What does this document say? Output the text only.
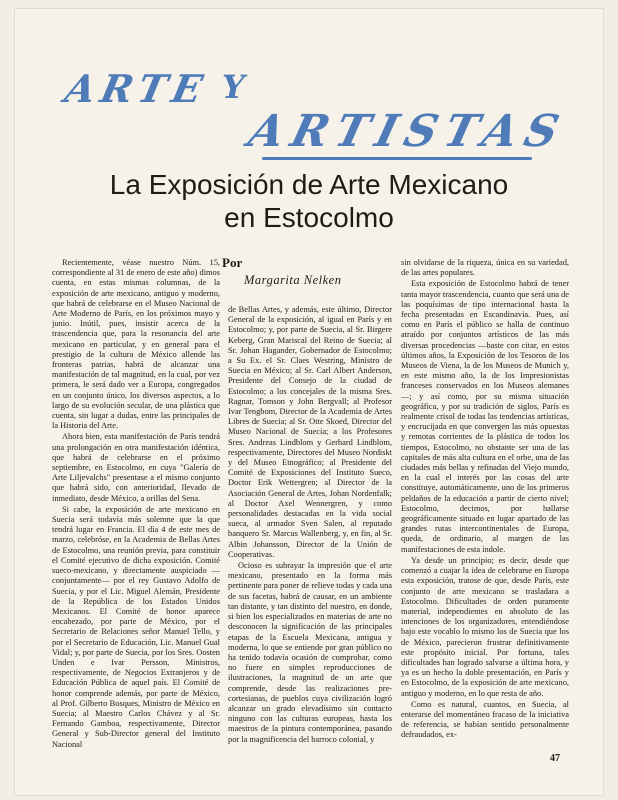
ARTE Y
ARTISTAS
La Exposición de Arte Mexicano
en Estocolmo
Por
Margarita Nelken

Recientemente, véase nuestro Núm. 15, correspondiente al 31 de enero de este año) dimos cuenta, en estas mismas columnas, de la exposición de arte mexicano, antiguo y moderno, que habrá de celebrarse en el Museo Nacional de Arte Moderno de París, en los próximos mayo y junio. Inútil, pues, insistir acerca de la trascendencia que, para la resonancia del arte mexicano en particular, y en general para el prestigio de la cultura de México allende las fronteras patrias, habrá de alcanzar una manifestación de tal magnitud, en la cual, por vez primera, le será dado ver a Europa, congregados en un conjunto único, los diversos aspectos, a lo largo de su evolución secular, de una plástica que cuenta, sin lugar a dudas, entre las principales de la Historia del Arte.

Ahora bien, esta manifestación de París tendrá una prolongación en otra manifestación idéntica, que habrá de celebrarse en el próximo septiembre, en Estocolmo, en cuya "Galería de Arte Liljevalchs" presentase a el mismo conjunto que habrá sido, con anterioridad, llevado de inmediato, desde México, a orillas del Sena.

Si cabe, la exposición de arte mexicano en Suecia será todavía más solemne que la que tendrá lugar en Francia. El día 4 de este mes de marzo, celebróse, en la Academia de Bellas Artes de Estocolmo, una reunión previa, para constituir el Comité ejecutivo de dicha exposición. Comité sueco-mexicano, y directamente auspiciado —conjuntamente— por el rey Gustavo Adolfo de Suecia, y por el Lic. Miguel Alemán, Presidente de la República de los Estados Unidos Mexicanos. El Comité de honor aparece encabezado, por parte de México, por el Secretario de Relaciones señor Manuel Tello, y por el Secretario de Educación, Lic. Manuel Gual Vidal; y, por parte de Suecia, por los Sres. Oosten Unden e Ivar Persson, Ministros, respectivamente, de Negocios Extranjeros y de Educación Pública de aquel país. El Comité de honor comprende además, por parte de México, al Prof. Gilberto Bosques, Ministro de México en Suecia; al Maestro Carlos Chávez y al Sr. Fernando Gamboa, respectivamente, Director General y Sub-Director general del Instituto Nacional

de Bellas Artes, y además, este último, Director General de la exposición, al igual en París y en Estocolmo; y, por parte de Suecia, al Sr. Birgere Keberg, Gran Mariscal del Reino de Suecia; al Sr. Johan Hagander, Gobernador de Estocolmo; a Su Ex. el Sr. Claes Westring, Ministro de Suecia en México; al Sr. Carl Albert Anderson, Presidente del Consejo de la ciudad de Estocolmo; a los concejales de la misma Sres. Ragnar, Tomson y John Bergvall; al Profesor Ivar Tengbom, Director de la Academia de Artes Libres de Suecia; al Sr. Otte Skoed, Director del Museo Nacional de Suecia; a los Profesores Sres. Andreas Lindblom y Gerhard Lindblom, respectivamente, Directores del Museo Nordiskt y del Museo Etnográfico; al Presidente del Comité de Exposiciones del Instituto Sueco, Doctor Erik Wettergren; al Director de la Asociación General de Artes, Johan Nordenfalk; al Doctor Axel Wennergren, y como personalidades destacadas en la vida social sueca, al armador Sven Salen, al reputado banquero Sr. Marcus Wallenberg, y, en fin, al Sr. Albin Johansson, Director de la Unión de Cooperativas.

Ocioso es subrayar la impresión que el arte mexicano, presentado en la forma más pertinente para poner de relieve todas y cada una de sus facetas, habrá de causar, en un ambiente tan distante, y tan distinto del nuestro, en donde, si bien los especializados en materias de arte no desconocen la significación de las principales etapas de la Escuela Mexicana, antigua y moderna, lo que se entiende por gran público no ha tenido todavía ocasión de comprobar, como no fuere en simples reproducciones de ilustraciones, la magnitud de un arte que comprende, desde las realizaciones pre-cortesianas, de pueblos cuya civilización logró alcanzar un grado elevadísimo sin contacto ninguno con las culturas europeas, hasta los maestros de la pintura contemporánea, pasando por la magnificencia del barroco colonial, y

sin olvidarse de la riqueza, única en su variedad, de las artes populares.

Esta exposición de Estocolmo habrá de tener tanta mayor trascendencia, cuanto que será una de las poquísimas de tipo internacional hasta la fecha presentadas en Escandinavia. Pues, así como en París el público se halla de continuo atraído por conjuntos artísticos de las más diversas procedencias —baste con citar, en estos últimos años, la Exposición de los Tesoros de los Museos de Viena, la de los Museos de Munich y, en este mismo año, la de los Impresionistas franceses conservados en los Museos alemanes—; y así como, por su misma situación geográfica, y por su tradición de siglos, París es realmente crisol de todas las tendencias artísticas, y encrucijada en que convergen las más opuestas y remotas corrientes de la plástica de todos los tiempos, Estocolmo, no obstante ser una de las capitales de más alta cultura en el orbe, una de las ciudades más bellas y refinadas del Viejo mundo, en la cual el interés por las cosas del arte constituye, automáticamente, uno de los primeros peldaños de la educación a partir de cierto nivel; Estocolmo, decimos, por hallarse geográficamente situado en lugar apartado de las grandes rutas intercontinentales de Europa, queda, de ordinario, al margen de las manifestaciones de esta índole.

Ya desde un principio; es decir, desde que comenzó a cuajar la idea de celebrarse en Europa esta exposición, tratose de que, desde París, este conjunto de arte mexicano se trasladara a Estocolmo. Dificultades de orden puramente material, independientes en absoluto de las intenciones de los organizadores, entendiéndose bajo este vocablo lo mismo los de Suecia que los de México, parecieron frustrar definitivamente este propósito inicial. Por fortuna, tales dificultades han logrado salvarse a última hora, y ya es un hecho la doble presentación, en París y en Estocolmo, de la exposición de arte mexicano, antiguo y moderno, en lo que resta de año.

Como es natural, cuantos, en Suecia, al enterarse del momentáneo fracaso de la iniciativa de referencia, se habían sentido personalmente defraudados, ex-

47
